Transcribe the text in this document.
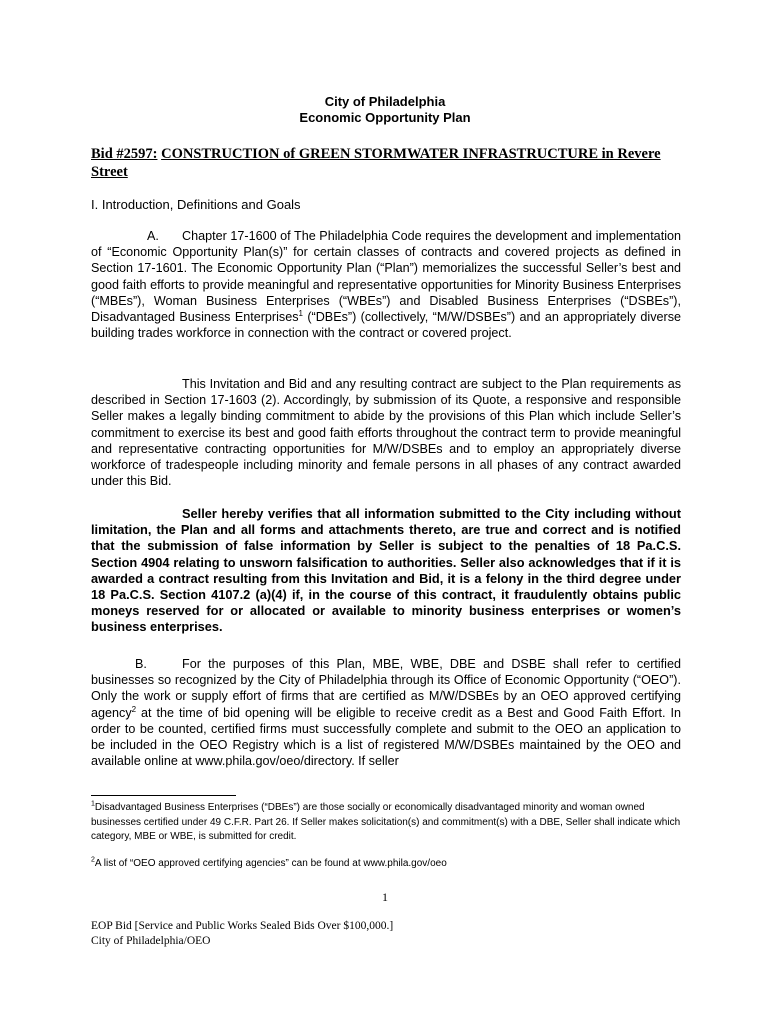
City of Philadelphia
Economic Opportunity Plan
Bid #2597: CONSTRUCTION of GREEN STORMWATER INFRASTRUCTURE in Revere Street
I. Introduction, Definitions and Goals

A. Chapter 17-1600 of The Philadelphia Code requires the development and implementation of “Economic Opportunity Plan(s)” for certain classes of contracts and covered projects as defined in Section 17-1601. The Economic Opportunity Plan (“Plan”) memorializes the successful Seller’s best and good faith efforts to provide meaningful and representative opportunities for Minority Business Enterprises (“MBEs”), Woman Business Enterprises (“WBEs”) and Disabled Business Enterprises (“DSBEs”), Disadvantaged Business Enterprises$^1$ (“DBEs”) (collectively, “M/W/DSBEs”) and an appropriately diverse building trades workforce in connection with the contract or covered project.

This Invitation and Bid and any resulting contract are subject to the Plan requirements as described in Section 17-1603 (2). Accordingly, by submission of its Quote, a responsive and responsible Seller makes a legally binding commitment to abide by the provisions of this Plan which include Seller’s commitment to exercise its best and good faith efforts throughout the contract term to provide meaningful and representative contracting opportunities for M/W/DSBEs and to employ an appropriately diverse workforce of tradespeople including minority and female persons in all phases of any contract awarded under this Bid.

Seller hereby verifies that all information submitted to the City including without limitation, the Plan and all forms and attachments thereto, are true and correct and is notified that the submission of false information by Seller is subject to the penalties of 18 Pa.C.S. Section 4904 relating to unsworn falsification to authorities. Seller also acknowledges that if it is awarded a contract resulting from this Invitation and Bid, it is a felony in the third degree under 18 Pa.C.S. Section 4107.2 (a)(4) if, in the course of this contract, it fraudulently obtains public moneys reserved for or allocated or available to minority business enterprises or women’s business enterprises.

B.	For the purposes of this Plan, MBE, WBE, DBE and DSBE shall refer to certified businesses so recognized by the City of Philadelphia through its Office of Economic Opportunity (“OEO”). Only the work or supply effort of firms that are certified as M/W/DSBEs by an OEO approved certifying agency$^2$ at the time of bid opening will be eligible to receive credit as a Best and Good Faith Effort. In order to be counted, certified firms must successfully complete and submit to the OEO an application to be included in the OEO Registry which is a list of registered M/W/DSBEs maintained by the OEO and available online at www.phila.gov/oeo/directory. If seller

$^1$Disadvantaged Business Enterprises (“DBEs”) are those socially or economically disadvantaged minority and woman owned businesses certified under 49 C.F.R. Part 26. If Seller makes solicitation(s) and commitment(s) with a DBE, Seller shall indicate which category, MBE or WBE, is submitted for credit.

$^2$A list of “OEO approved certifying agencies” can be found at www.phila.gov/oeo

1
EOP Bid [Service and Public Works Sealed Bids Over $100,000.]
City of Philadelphia/OEO
